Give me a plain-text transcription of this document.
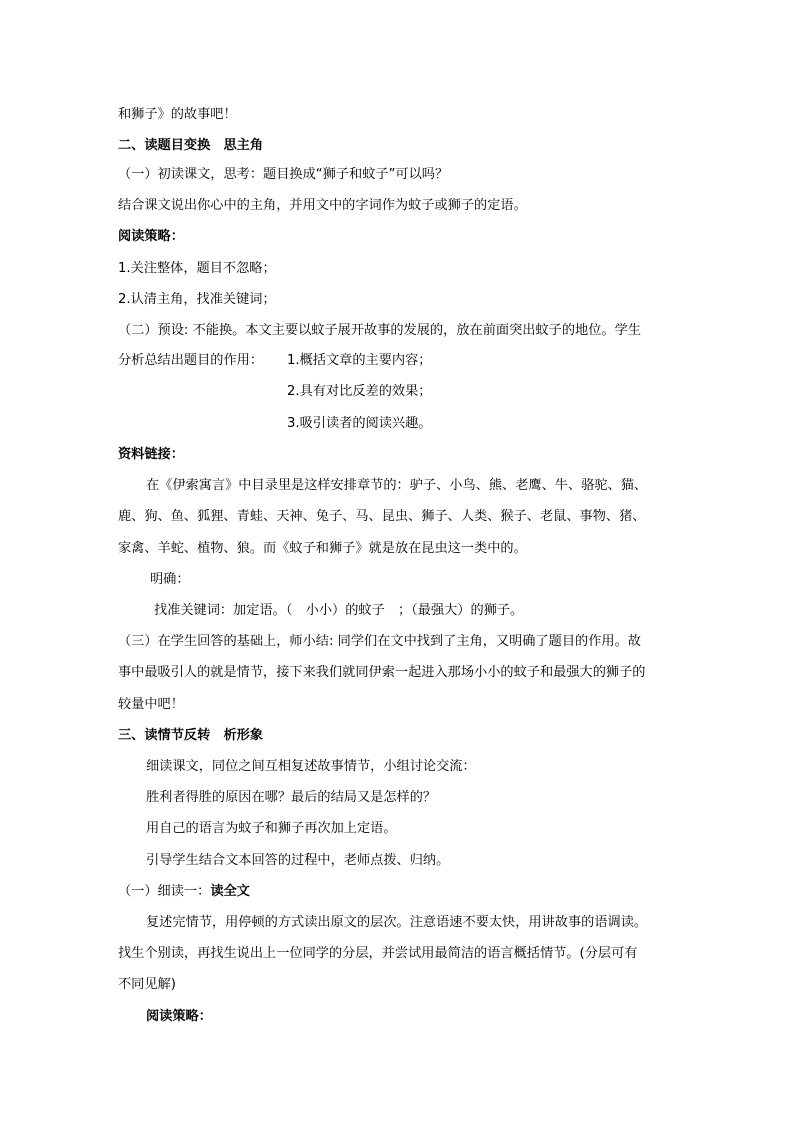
和狮子》的故事吧！
二、读题目变换　思主角
（一）初读课文，思考：题目换成“狮子和蚊子”可以吗？
结合课文说出你心中的主角，并用文中的字词作为蚊子或狮子的定语。
阅读策略：
1.关注整体，题目不忽略；
2.认清主角，找准关键词；
（二）预设: 不能换。本文主要以蚊子展开故事的发展的，放在前面突出蚊子的地位。学生
分析总结出题目的作用： 1.概括文章的主要内容；
2.具有对比反差的效果；
3.吸引读者的阅读兴趣。
资料链接：
在《伊索寓言》中目录里是这样安排章节的：驴子、小鸟、熊、老鹰、牛、骆驼、猫、
鹿、狗、鱼、狐狸、青蛙、天神、兔子、马、昆虫、狮子、人类、猴子、老鼠、事物、猪、
家禽、羊蛇、植物、狼。而《蚊子和狮子》就是放在昆虫这一类中的。
明确：
找准关键词：加定语。（　小小）的蚊子　；（最强大）的狮子。
（三）在学生回答的基础上，师小结: 同学们在文中找到了主角，又明确了题目的作用。故
事中最吸引人的就是情节，接下来我们就同伊索一起进入那场小小的蚊子和最强大的狮子的
较量中吧！
三、读情节反转　析形象
细读课文，同位之间互相复述故事情节，小组讨论交流：
胜利者得胜的原因在哪？最后的结局又是怎样的？
用自己的语言为蚊子和狮子再次加上定语。
引导学生结合文本回答的过程中，老师点拨、归纳。
（一）细读一：读全文
复述完情节，用停顿的方式读出原文的层次。注意语速不要太快，用讲故事的语调读。
找生个别读，再找生说出上一位同学的分层，并尝试用最简洁的语言概括情节。(分层可有
不同见解)
阅读策略：
